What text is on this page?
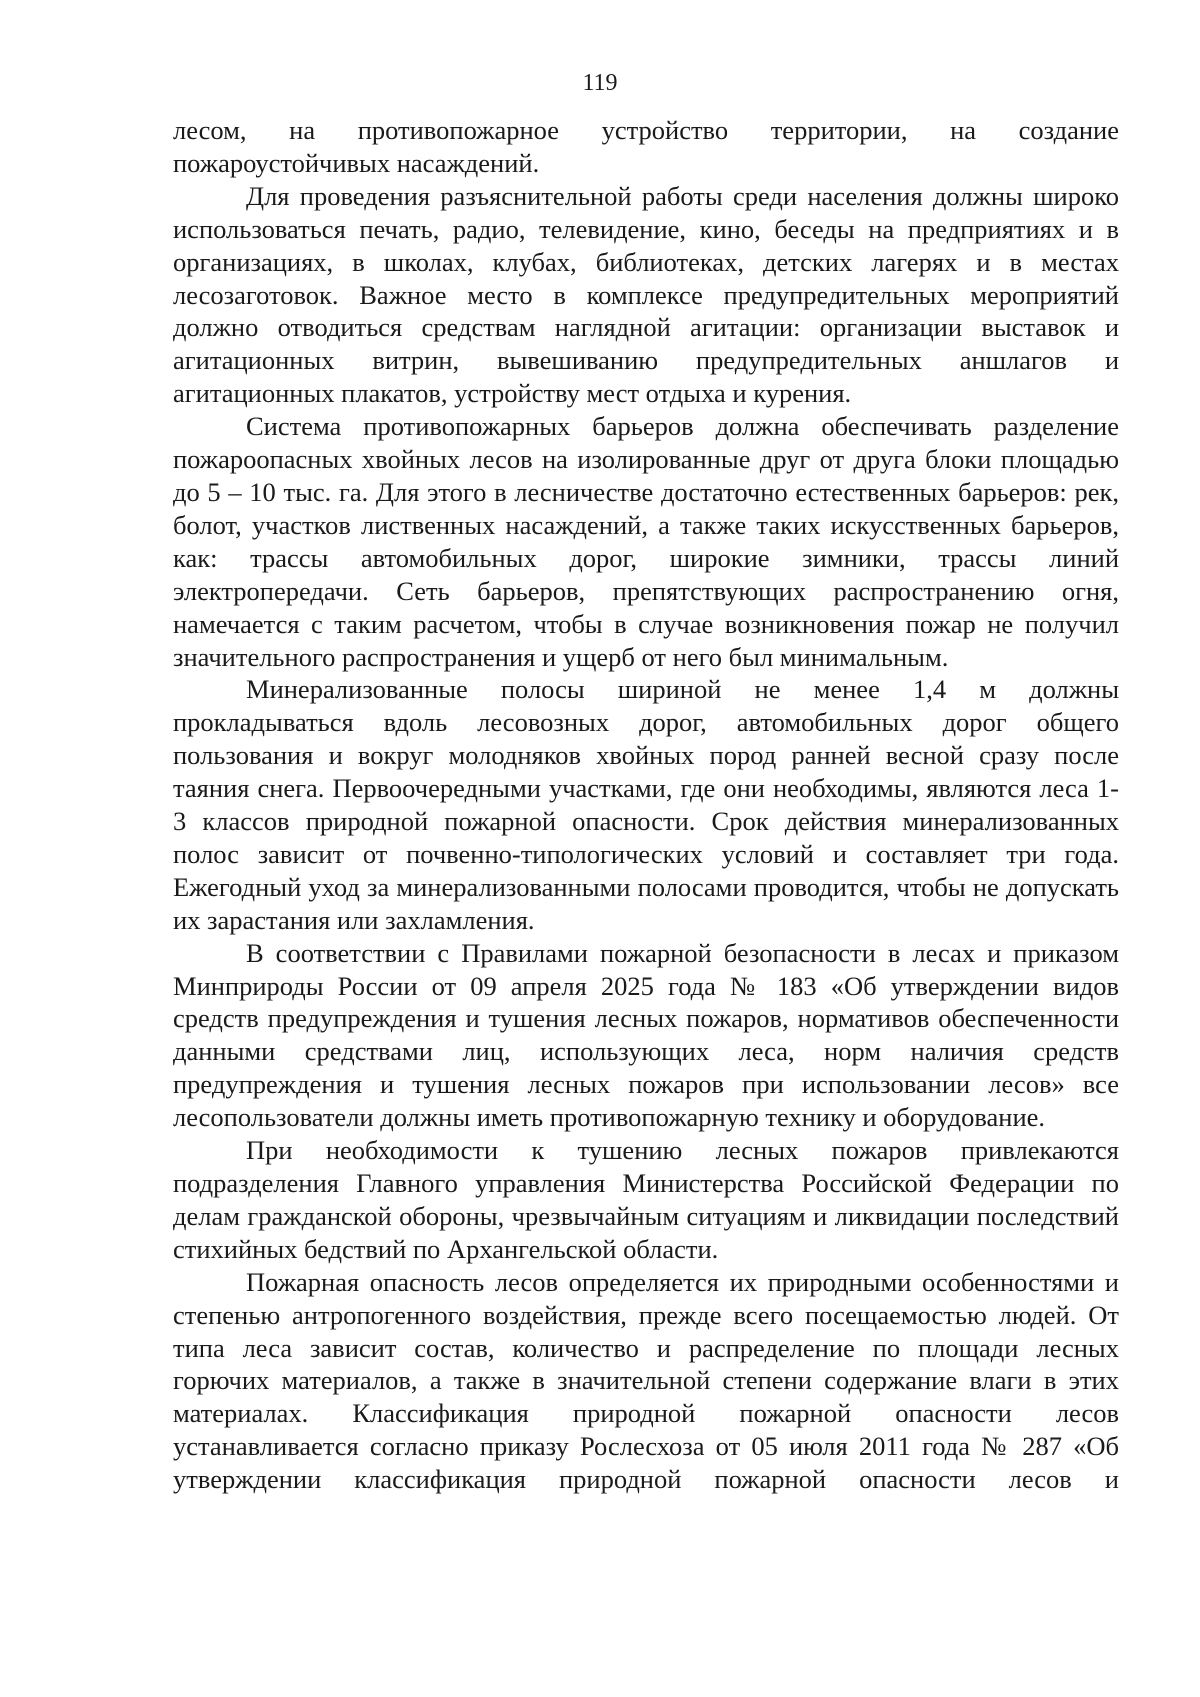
119

лесом, на противопожарное устройство территории, на создание пожароустойчивых насаждений.

Для проведения разъяснительной работы среди населения должны широко использоваться печать, радио, телевидение, кино, беседы на предприятиях и в организациях, в школах, клубах, библиотеках, детских лагерях и в местах лесозаготовок. Важное место в комплексе предупредительных мероприятий должно отводиться средствам наглядной агитации: организации выставок и агитационных витрин, вывешиванию предупредительных аншлагов и агитационных плакатов, устройству мест отдыха и курения.

Система противопожарных барьеров должна обеспечивать разделение пожароопасных хвойных лесов на изолированные друг от друга блоки площадью до 5 – 10 тыс. га. Для этого в лесничестве достаточно естественных барьеров: рек, болот, участков лиственных насаждений, а также таких искусственных барьеров, как: трассы автомобильных дорог, широкие зимники, трассы линий электропередачи. Сеть барьеров, препятствующих распространению огня, намечается с таким расчетом, чтобы в случае возникновения пожар не получил значительного распространения и ущерб от него был минимальным.

Минерализованные полосы шириной не менее 1,4 м должны прокладываться вдоль лесовозных дорог, автомобильных дорог общего пользования и вокруг молодняков хвойных пород ранней весной сразу после таяния снега. Первоочередными участками, где они необходимы, являются леса 1-3 классов природной пожарной опасности. Срок действия минерализованных полос зависит от почвенно-типологических условий и составляет три года. Ежегодный уход за минерализованными полосами проводится, чтобы не допускать их зарастания или захламления.

В соответствии с Правилами пожарной безопасности в лесах и приказом Минприроды России от 09 апреля 2025 года № 183 «Об утверждении видов средств предупреждения и тушения лесных пожаров, нормативов обеспеченности данными средствами лиц, использующих леса, норм наличия средств предупреждения и тушения лесных пожаров при использовании лесов» все лесопользователи должны иметь противопожарную технику и оборудование.

При необходимости к тушению лесных пожаров привлекаются подразделения Главного управления Министерства Российской Федерации по делам гражданской обороны, чрезвычайным ситуациям и ликвидации последствий стихийных бедствий по Архангельской области.

Пожарная опасность лесов определяется их природными особенностями и степенью антропогенного воздействия, прежде всего посещаемостью людей. От типа леса зависит состав, количество и распределение по площади лесных горючих материалов, а также в значительной степени содержание влаги в этих материалах. Классификация природной пожарной опасности лесов устанавливается согласно приказу Рослесхоза от 05 июля 2011 года № 287 «Об утверждении классификация природной пожарной опасности лесов и
